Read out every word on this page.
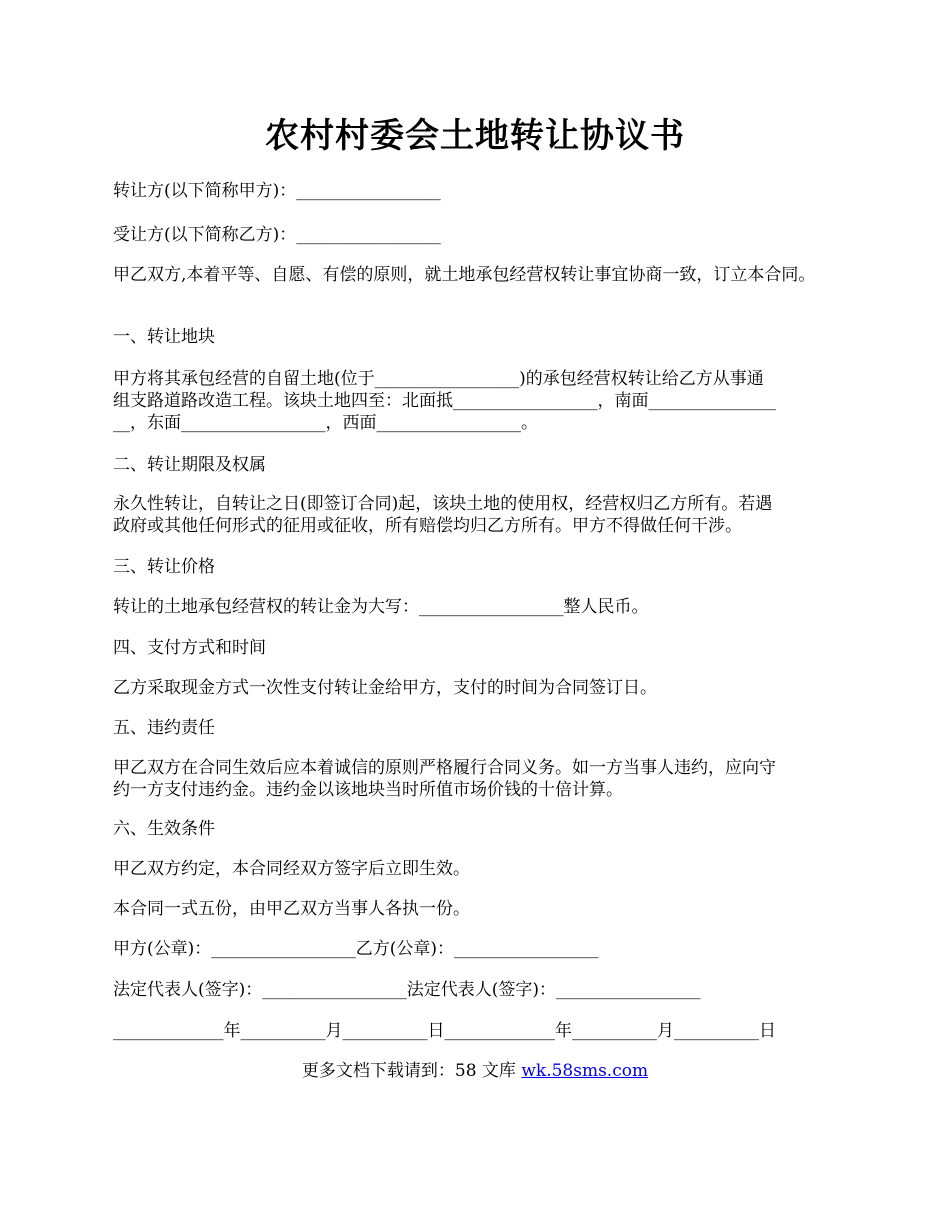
农村村委会土地转让协议书
转让方(以下简称甲方)：_________________
受让方(以下简称乙方)：_________________
甲乙双方,本着平等、自愿、有偿的原则，就土地承包经营权转让事宜协商一致，订立本合同。
一、转让地块
甲方将其承包经营的自留土地(位于_________________)的承包经营权转让给乙方从事通
组支路道路改造工程。该块土地四至：北面抵_________________，南面_______________
__，东面_________________，西面_________________。
二、转让期限及权属
永久性转让，自转让之日(即签订合同)起，该块土地的使用权，经营权归乙方所有。若遇
政府或其他任何形式的征用或征收，所有赔偿均归乙方所有。甲方不得做任何干涉。
三、转让价格
转让的土地承包经营权的转让金为大写：_________________整人民币。
四、支付方式和时间
乙方采取现金方式一次性支付转让金给甲方，支付的时间为合同签订日。
五、违约责任
甲乙双方在合同生效后应本着诚信的原则严格履行合同义务。如一方当事人违约，应向守
约一方支付违约金。违约金以该地块当时所值市场价钱的十倍计算。
六、生效条件
甲乙双方约定，本合同经双方签字后立即生效。
本合同一式五份，由甲乙双方当事人各执一份。
甲方(公章)：_________________乙方(公章)：_________________
法定代表人(签字)：_________________法定代表人(签字)：_________________
_____________年__________月__________日_____________年__________月__________日
更多文档下载请到：58 文库 wk.58sms.com
